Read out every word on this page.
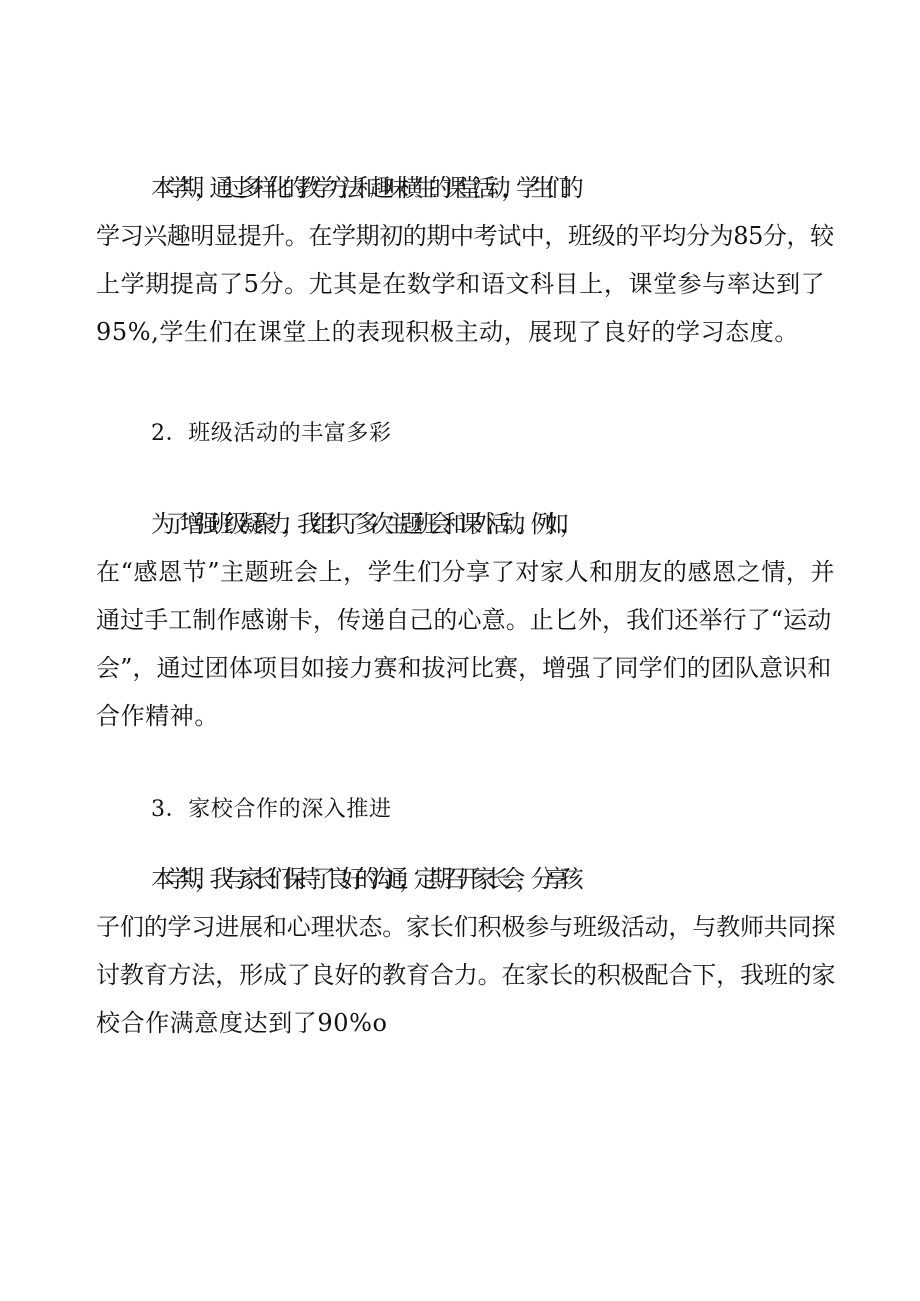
本学期，通过多样化的教学方法和趣味横生的课堂活动，学生们的
学习兴趣明显提升。在学期初的期中考试中，班级的平均分为85分，较
上学期提高了5分。尤其是在数学和语文科目上，课堂参与率达到了
95%,学生们在课堂上的表现积极主动，展现了良好的学习态度。
2．班级活动的丰富多彩
为了增强班级凝聚力，我组织了多次主题班会和课外活动。例如，
在“感恩节”主题班会上，学生们分享了对家人和朋友的感恩之情，并
通过手工制作感谢卡，传递自己的心意。止匕外，我们还举行了“运动
会”，通过团体项目如接力赛和拔河比赛，增强了同学们的团队意识和
合作精神。
3．家校合作的深入推进
本学期，我与家长们保持了良好的沟通，定期召开家长会，分享孩
子们的学习进展和心理状态。家长们积极参与班级活动，与教师共同探
讨教育方法，形成了良好的教育合力。在家长的积极配合下，我班的家
校合作满意度达到了90%o
